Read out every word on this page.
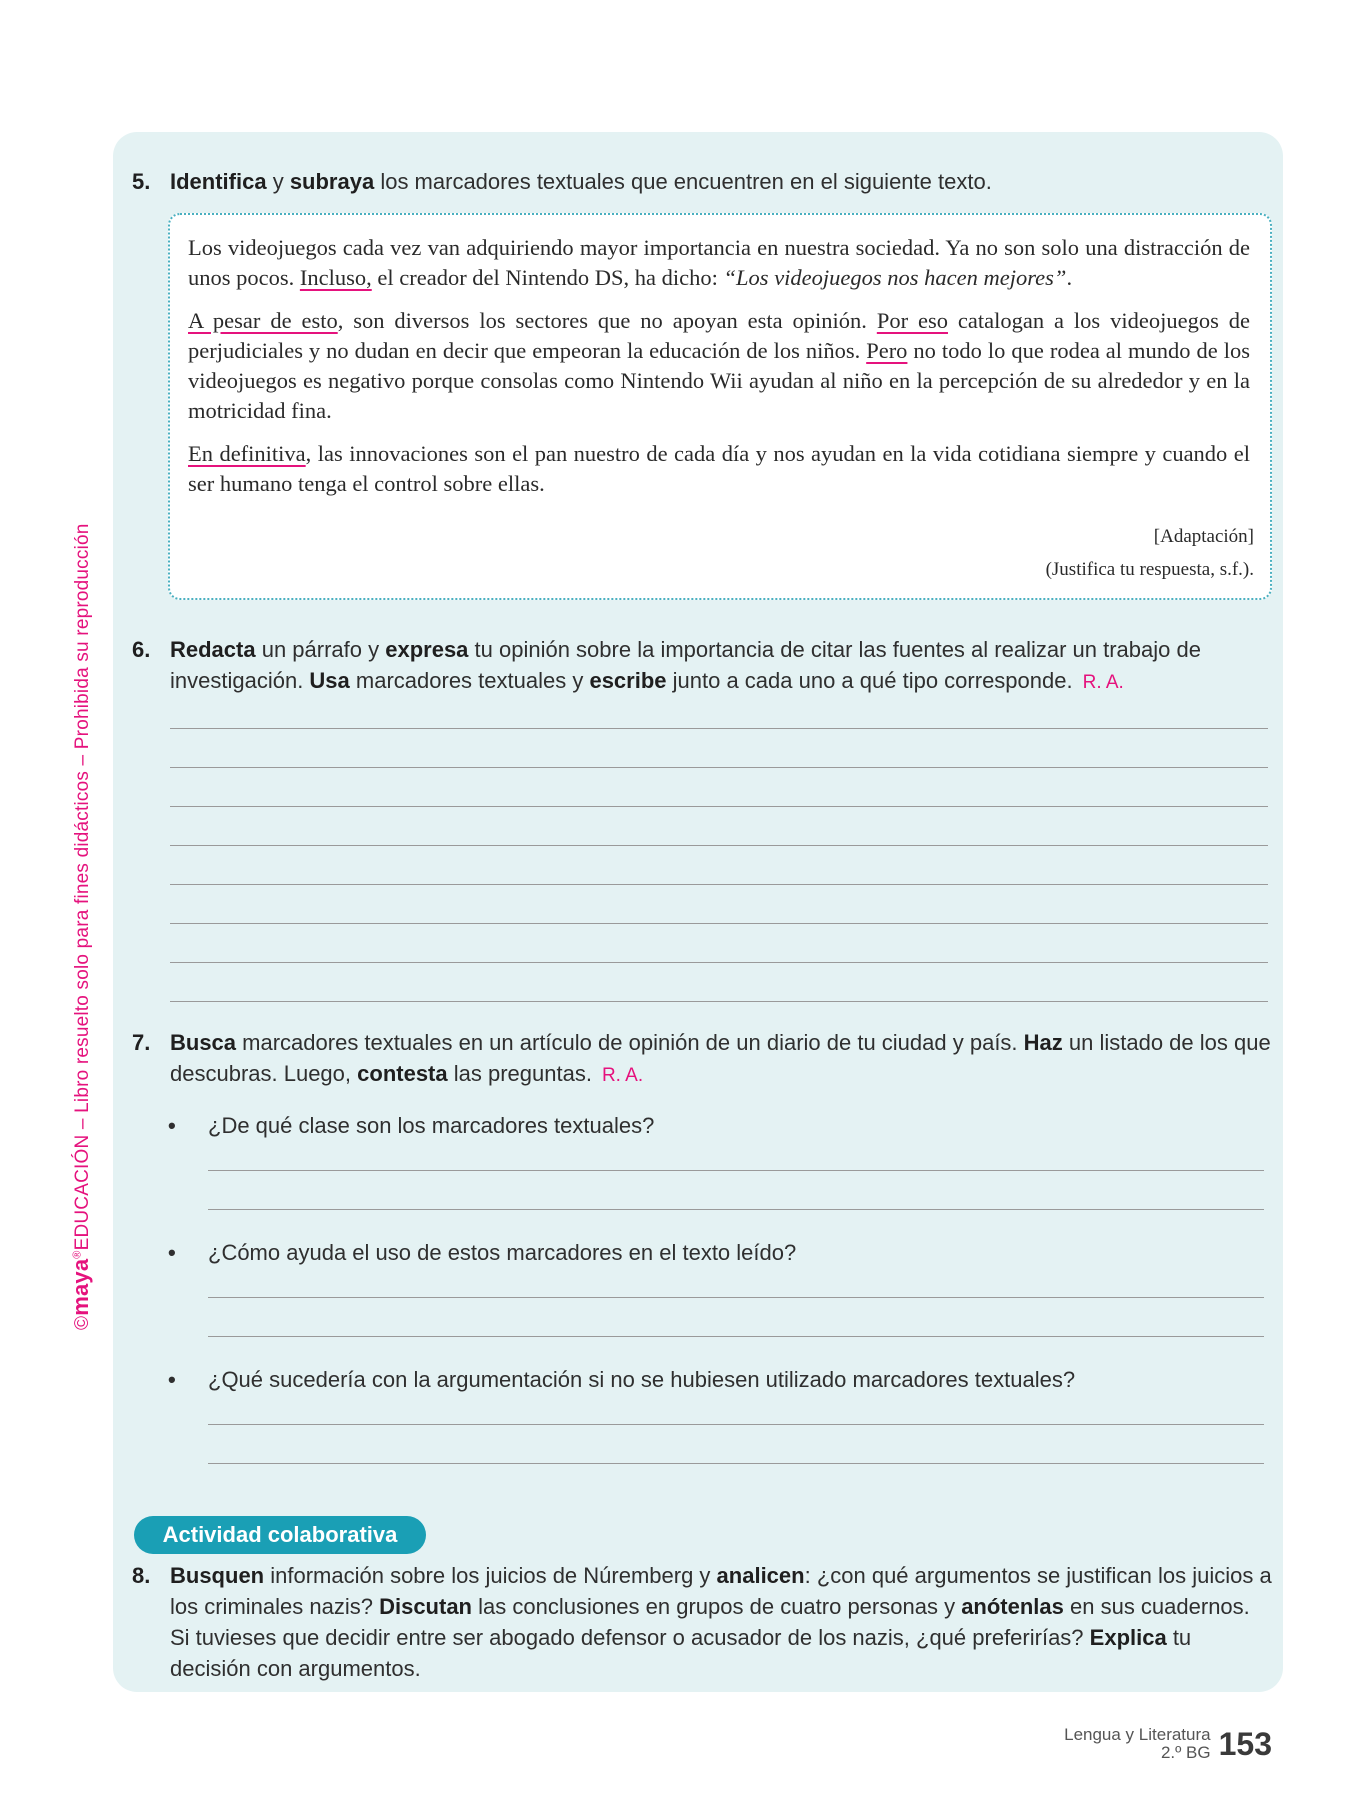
©maya®EDUCACIÓN – Libro resuelto solo para fines didácticos – Prohibida su reproducción
5. Identifica y subraya los marcadores textuales que encuentren en el siguiente texto.

Los videojuegos cada vez van adquiriendo mayor importancia en nuestra sociedad. Ya no son solo una distracción de unos pocos. Incluso, el creador del Nintendo DS, ha dicho: “Los videojuegos nos hacen mejores”.

A pesar de esto, son diversos los sectores que no apoyan esta opinión. Por eso catalogan a los videojuegos de perjudiciales y no dudan en decir que empeoran la educación de los niños. Pero no todo lo que rodea al mundo de los videojuegos es negativo porque consolas como Nintendo Wii ayudan al niño en la percepción de su alrededor y en la motricidad fina.

En definitiva, las innovaciones son el pan nuestro de cada día y nos ayudan en la vida cotidiana siempre y cuando el ser humano tenga el control sobre ellas.

[Adaptación]
(Justifica tu respuesta, s.f.).
6. Redacta un párrafo y expresa tu opinión sobre la importancia de citar las fuentes al realizar un trabajo de investigación. Usa marcadores textuales y escribe junto a cada uno a qué tipo corresponde. R. A.
7. Busca marcadores textuales en un artículo de opinión de un diario de tu ciudad y país. Haz un listado de los que descubras. Luego, contesta las preguntas. R. A.
• ¿De qué clase son los marcadores textuales?
• ¿Cómo ayuda el uso de estos marcadores en el texto leído?
• ¿Qué sucedería con la argumentación si no se hubiesen utilizado marcadores textuales?
Actividad colaborativa
8. Busquen información sobre los juicios de Núremberg y analicen: ¿con qué argumentos se justifican los juicios a los criminales nazis? Discutan las conclusiones en grupos de cuatro personas y anótenlas en sus cuadernos. Si tuvieses que decidir entre ser abogado defensor o acusador de los nazis, ¿qué preferirías? Explica tu decisión con argumentos.
Lengua y Literatura
2.º BG 153
